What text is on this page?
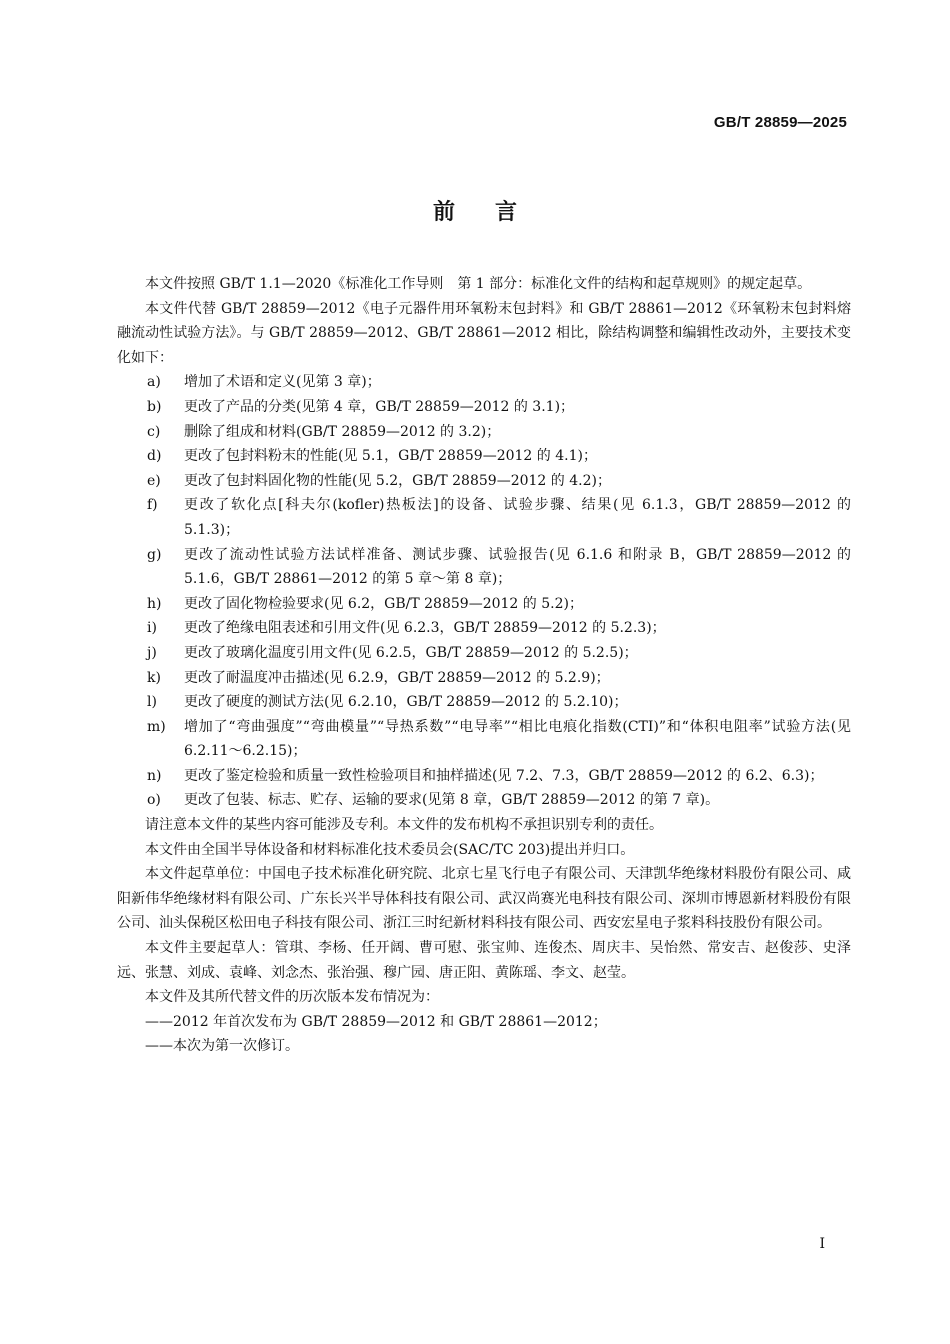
GB/T 28859—2025
前言

本文件按照 GB/T 1.1—2020《标准化工作导则　第 1 部分：标准化文件的结构和起草规则》的规定起草。

本文件代替 GB/T 28859—2012《电子元器件用环氧粉末包封料》和 GB/T 28861—2012《环氧粉末包封料熔融流动性试验方法》。与 GB/T 28859—2012、GB/T 28861—2012 相比，除结构调整和编辑性改动外，主要技术变化如下：

a)	增加了术语和定义(见第 3 章)；
b)	更改了产品的分类(见第 4 章，GB/T 28859—2012 的 3.1)；
c)	删除了组成和材料(GB/T 28859—2012 的 3.2)；
d)	更改了包封料粉末的性能(见 5.1，GB/T 28859—2012 的 4.1)；
e)	更改了包封料固化物的性能(见 5.2，GB/T 28859—2012 的 4.2)；
f)	更改了软化点[科夫尔(kofler)热板法]的设备、试验步骤、结果(见 6.1.3，GB/T 28859—2012 的 5.1.3)；
g)	更改了流动性试验方法试样准备、测试步骤、试验报告(见 6.1.6 和附录 B，GB/T 28859—2012 的 5.1.6，GB/T 28861—2012 的第 5 章～第 8 章)；
h)	更改了固化物检验要求(见 6.2，GB/T 28859—2012 的 5.2)；
i)	更改了绝缘电阻表述和引用文件(见 6.2.3，GB/T 28859—2012 的 5.2.3)；
j)	更改了玻璃化温度引用文件(见 6.2.5，GB/T 28859—2012 的 5.2.5)；
k)	更改了耐温度冲击描述(见 6.2.9，GB/T 28859—2012 的 5.2.9)；
l)	更改了硬度的测试方法(见 6.2.10，GB/T 28859—2012 的 5.2.10)；
m)	增加了“弯曲强度”“弯曲模量”“导热系数”“电导率”“相比电痕化指数(CTI)”和“体积电阻率”试验方法(见 6.2.11～6.2.15)；
n)	更改了鉴定检验和质量一致性检验项目和抽样描述(见 7.2、7.3，GB/T 28859—2012 的 6.2、6.3)；
o)	更改了包装、标志、贮存、运输的要求(见第 8 章，GB/T 28859—2012 的第 7 章)。

请注意本文件的某些内容可能涉及专利。本文件的发布机构不承担识别专利的责任。

本文件由全国半导体设备和材料标准化技术委员会(SAC/TC 203)提出并归口。

本文件起草单位：中国电子技术标准化研究院、北京七星飞行电子有限公司、天津凯华绝缘材料股份有限公司、咸阳新伟华绝缘材料有限公司、广东长兴半导体科技有限公司、武汉尚赛光电科技有限公司、深圳市博恩新材料股份有限公司、汕头保税区松田电子科技有限公司、浙江三时纪新材料科技有限公司、西安宏星电子浆料科技股份有限公司。

本文件主要起草人：管琪、李杨、任开阔、曹可慰、张宝帅、连俊杰、周庆丰、吴怡然、常安吉、赵俊莎、史泽远、张慧、刘成、袁峰、刘念杰、张治强、穆广园、唐正阳、黄陈瑶、李文、赵莹。

本文件及其所代替文件的历次版本发布情况为：

——2012 年首次发布为 GB/T 28859—2012 和 GB/T 28861—2012；

——本次为第一次修订。

I
